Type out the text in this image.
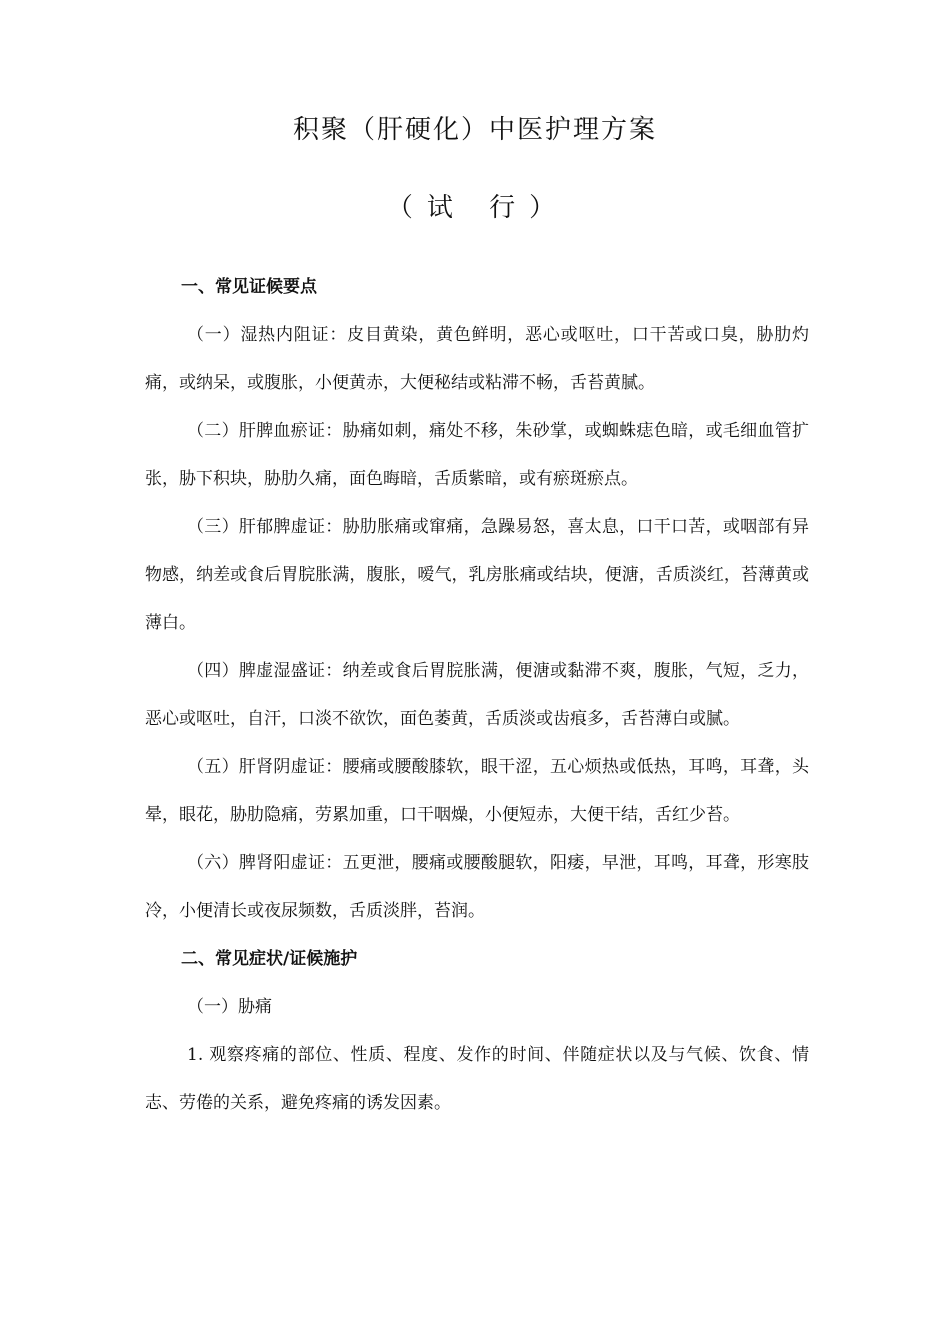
积聚（肝硬化）中医护理方案
（试 行）

一、常见证候要点

（一）湿热内阻证：皮目黄染，黄色鲜明，恶心或呕吐，口干苦或口臭，胁肋灼痛，或纳呆，或腹胀，小便黄赤，大便秘结或粘滞不畅，舌苔黄腻。

（二）肝脾血瘀证：胁痛如刺，痛处不移，朱砂掌，或蜘蛛痣色暗，或毛细血管扩张，胁下积块，胁肋久痛，面色晦暗，舌质紫暗，或有瘀斑瘀点。

（三）肝郁脾虚证：胁肋胀痛或窜痛，急躁易怒，喜太息，口干口苦，或咽部有异物感，纳差或食后胃脘胀满，腹胀，嗳气，乳房胀痛或结块，便溏，舌质淡红，苔薄黄或薄白。

（四）脾虚湿盛证：纳差或食后胃脘胀满，便溏或黏滞不爽，腹胀，气短，乏力，恶心或呕吐，自汗，口淡不欲饮，面色萎黄，舌质淡或齿痕多，舌苔薄白或腻。

（五）肝肾阴虚证：腰痛或腰酸膝软，眼干涩，五心烦热或低热，耳鸣，耳聋，头晕，眼花，胁肋隐痛，劳累加重，口干咽燥，小便短赤，大便干结，舌红少苔。

（六）脾肾阳虚证：五更泄，腰痛或腰酸腿软，阳痿，早泄，耳鸣，耳聋，形寒肢冷，小便清长或夜尿频数，舌质淡胖，苔润。

二、常见症状/证候施护

（一）胁痛

1. 观察疼痛的部位、性质、程度、发作的时间、伴随症状以及与气候、饮食、情志、劳倦的关系，避免疼痛的诱发因素。
